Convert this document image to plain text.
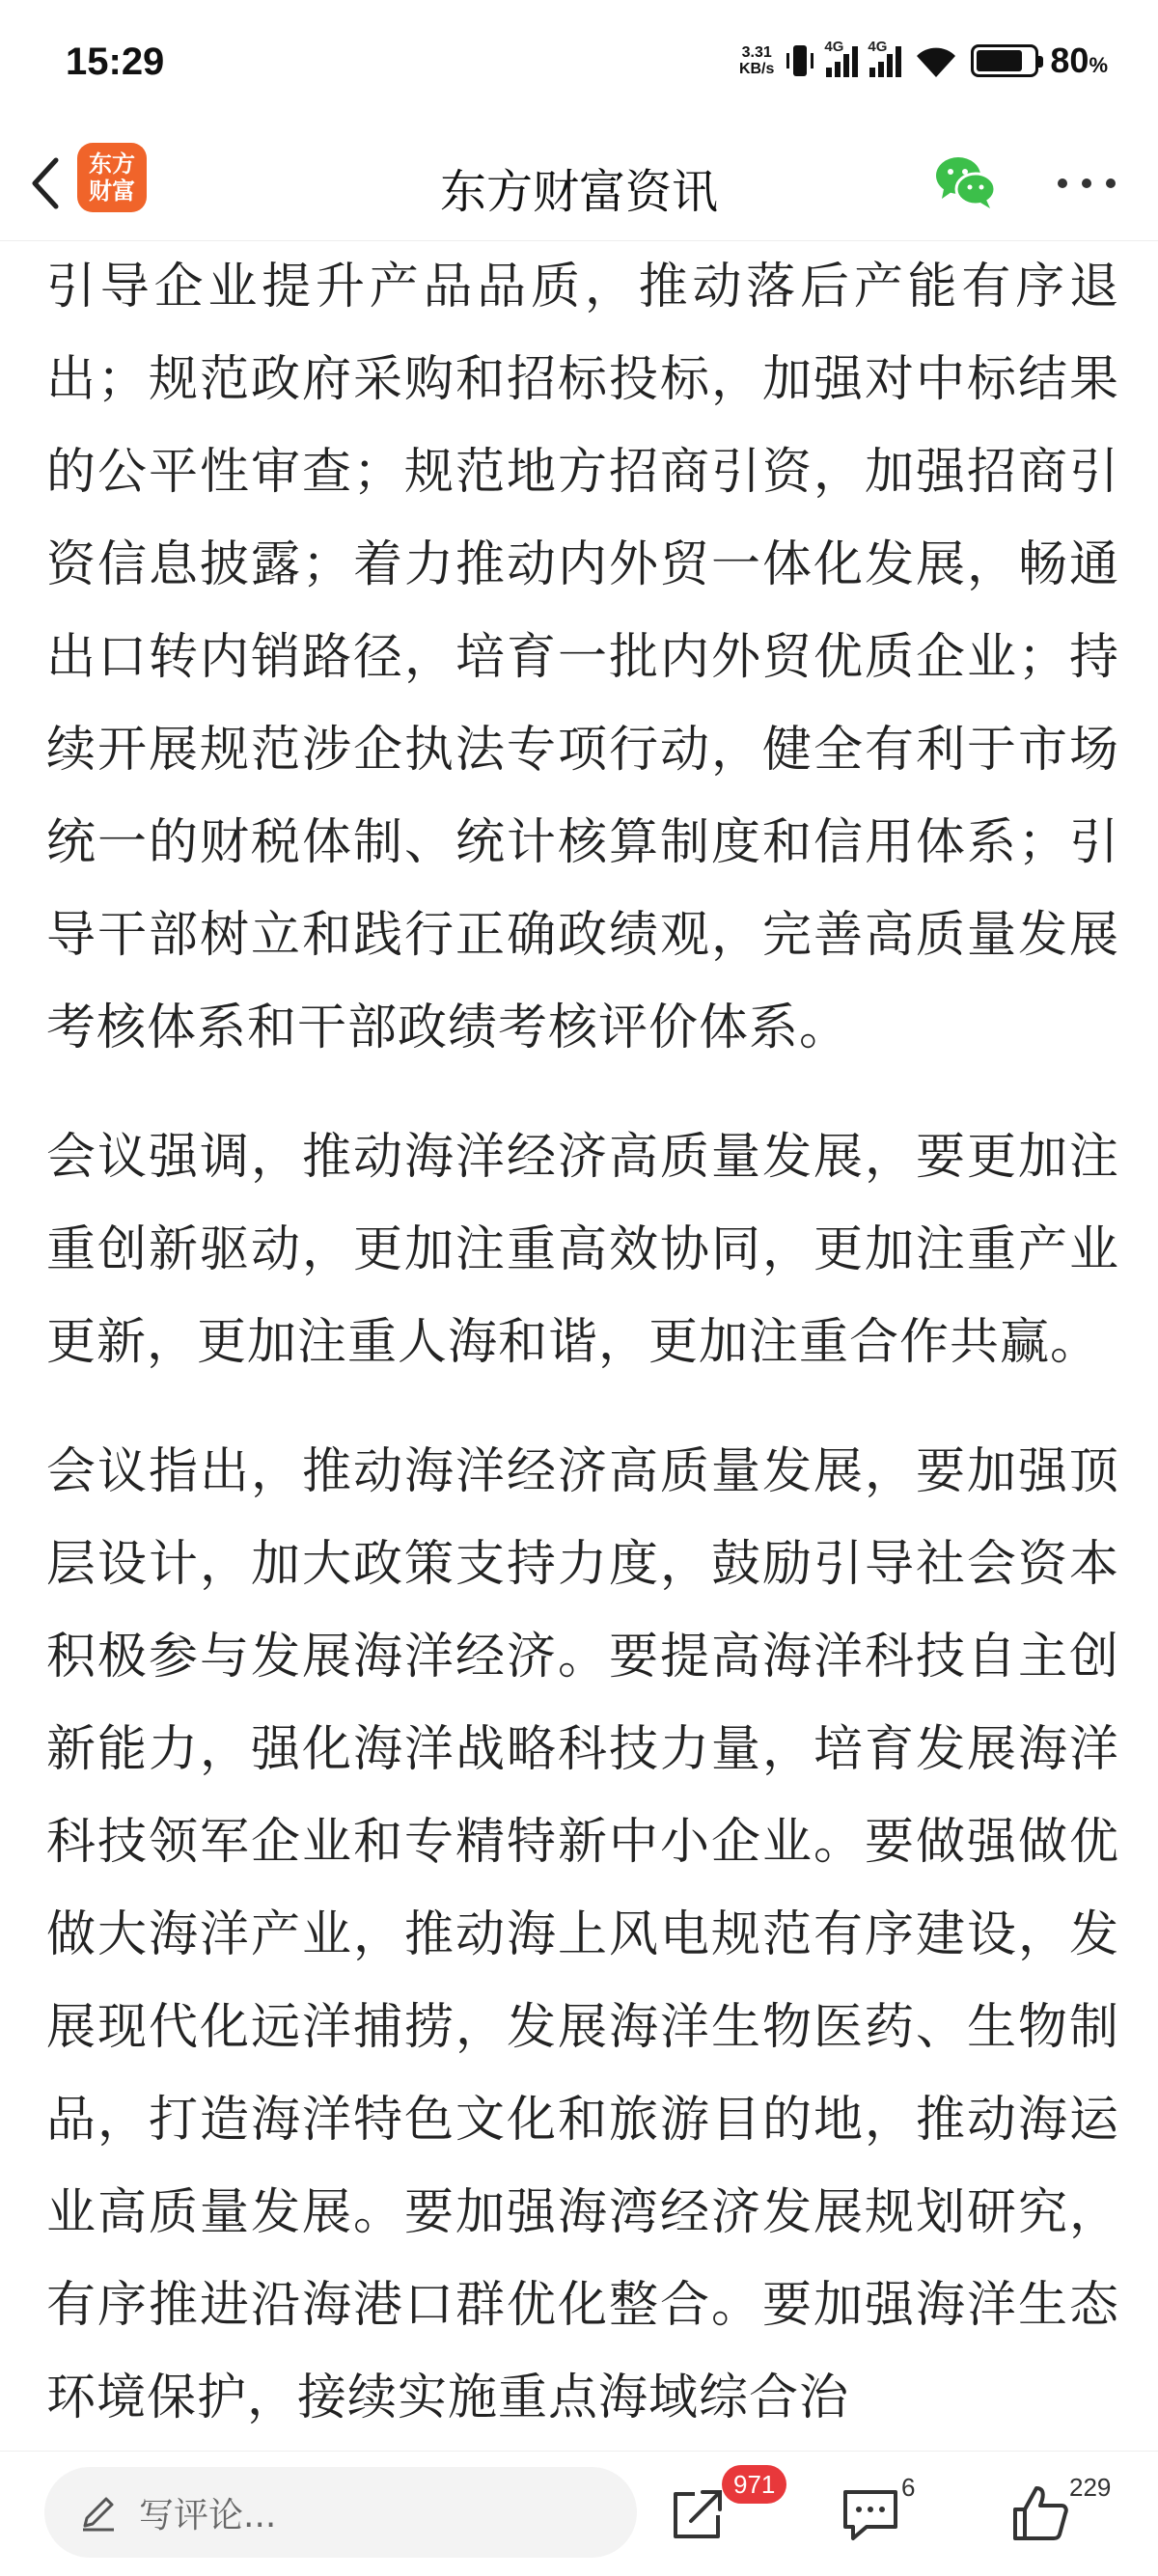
15:29	3.31
KB/s
4G 4G	80%
东方
财富	东方财富资讯

引导企业提升产品品质，推动落后产能有序退出；规范政府采购和招标投标，加强对中标结果的公平性审查；规范地方招商引资，加强招商引资信息披露；着力推动内外贸一体化发展，畅通出口转内销路径，培育一批内外贸优质企业；持续开展规范涉企执法专项行动，健全有利于市场统一的财税体制、统计核算制度和信用体系；引导干部树立和践行正确政绩观，完善高质量发展考核体系和干部政绩考核评价体系。

会议强调，推动海洋经济高质量发展，要更加注重创新驱动，更加注重高效协同，更加注重产业更新，更加注重人海和谐，更加注重合作共赢。

会议指出，推动海洋经济高质量发展，要加强顶层设计，加大政策支持力度，鼓励引导社会资本积极参与发展海洋经济。要提高海洋科技自主创新能力，强化海洋战略科技力量，培育发展海洋科技领军企业和专精特新中小企业。要做强做优做大海洋产业，推动海上风电规范有序建设，发展现代化远洋捕捞，发展海洋生物医药、生物制品，打造海洋特色文化和旅游目的地，推动海运业高质量发展。要加强海湾经济发展规划研究，有序推进沿海港口群优化整合。要加强海洋生态环境保护，接续实施重点海域综合治

写评论...
971	6	229
